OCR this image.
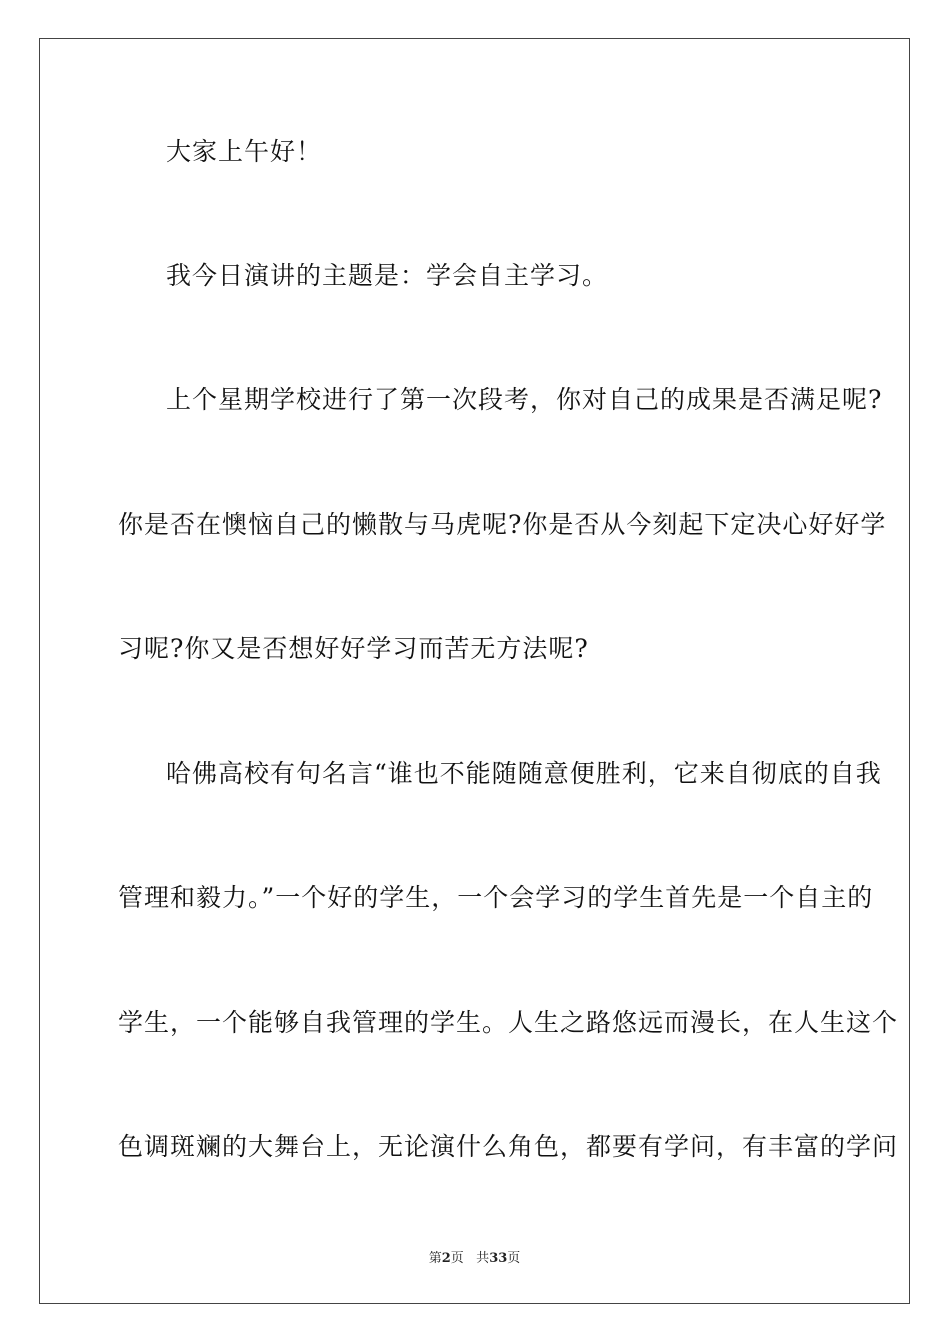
大家上午好！
我今日演讲的主题是：学会自主学习。
上个星期学校进行了第一次段考，你对自己的成果是否满足呢?
你是否在懊恼自己的懒散与马虎呢?你是否从今刻起下定决心好好学
习呢?你又是否想好好学习而苦无方法呢?
哈佛高校有句名言“谁也不能随随意便胜利，它来自彻底的自我
管理和毅力。”一个好的学生，一个会学习的学生首先是一个自主的
学生，一个能够自我管理的学生。人生之路悠远而漫长，在人生这个
色调斑斓的大舞台上，无论演什么角色，都要有学问，有丰富的学问
第2页 共33页
